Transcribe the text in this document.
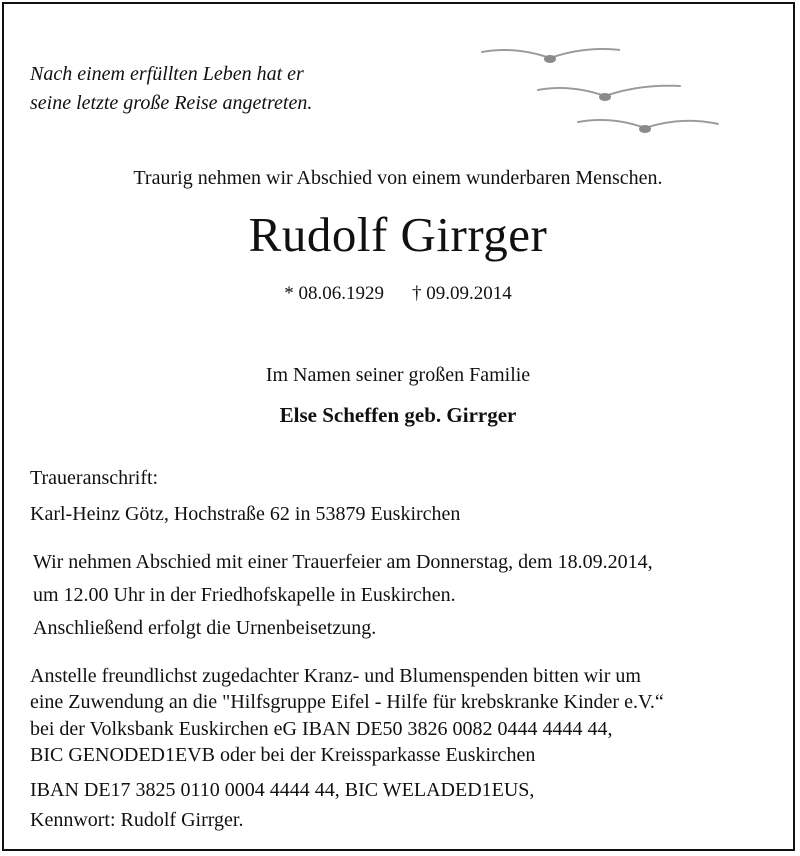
Nach einem erfüllten Leben hat er
seine letzte große Reise angetreten.
Traurig nehmen wir Abschied von einem wunderbaren Menschen.
Rudolf Girrger
* 08.06.1929 † 09.09.2014
Im Namen seiner großen Familie
Else Scheffen geb. Girrger
Traueranschrift:
Karl-Heinz Götz, Hochstraße 62 in 53879 Euskirchen
Wir nehmen Abschied mit einer Trauerfeier am Donnerstag, dem 18.09.2014,
um 12.00 Uhr in der Friedhofskapelle in Euskirchen.
Anschließend erfolgt die Urnenbeisetzung.
Anstelle freundlichst zugedachter Kranz- und Blumenspenden bitten wir um
eine Zuwendung an die "Hilfsgruppe Eifel - Hilfe für krebskranke Kinder e.V.“
bei der Volksbank Euskirchen eG IBAN DE50 3826 0082 0444 4444 44,
BIC GENODED1EVB oder bei der Kreissparkasse Euskirchen
IBAN DE17 3825 0110 0004 4444 44, BIC WELADED1EUS,
Kennwort: Rudolf Girrger.
